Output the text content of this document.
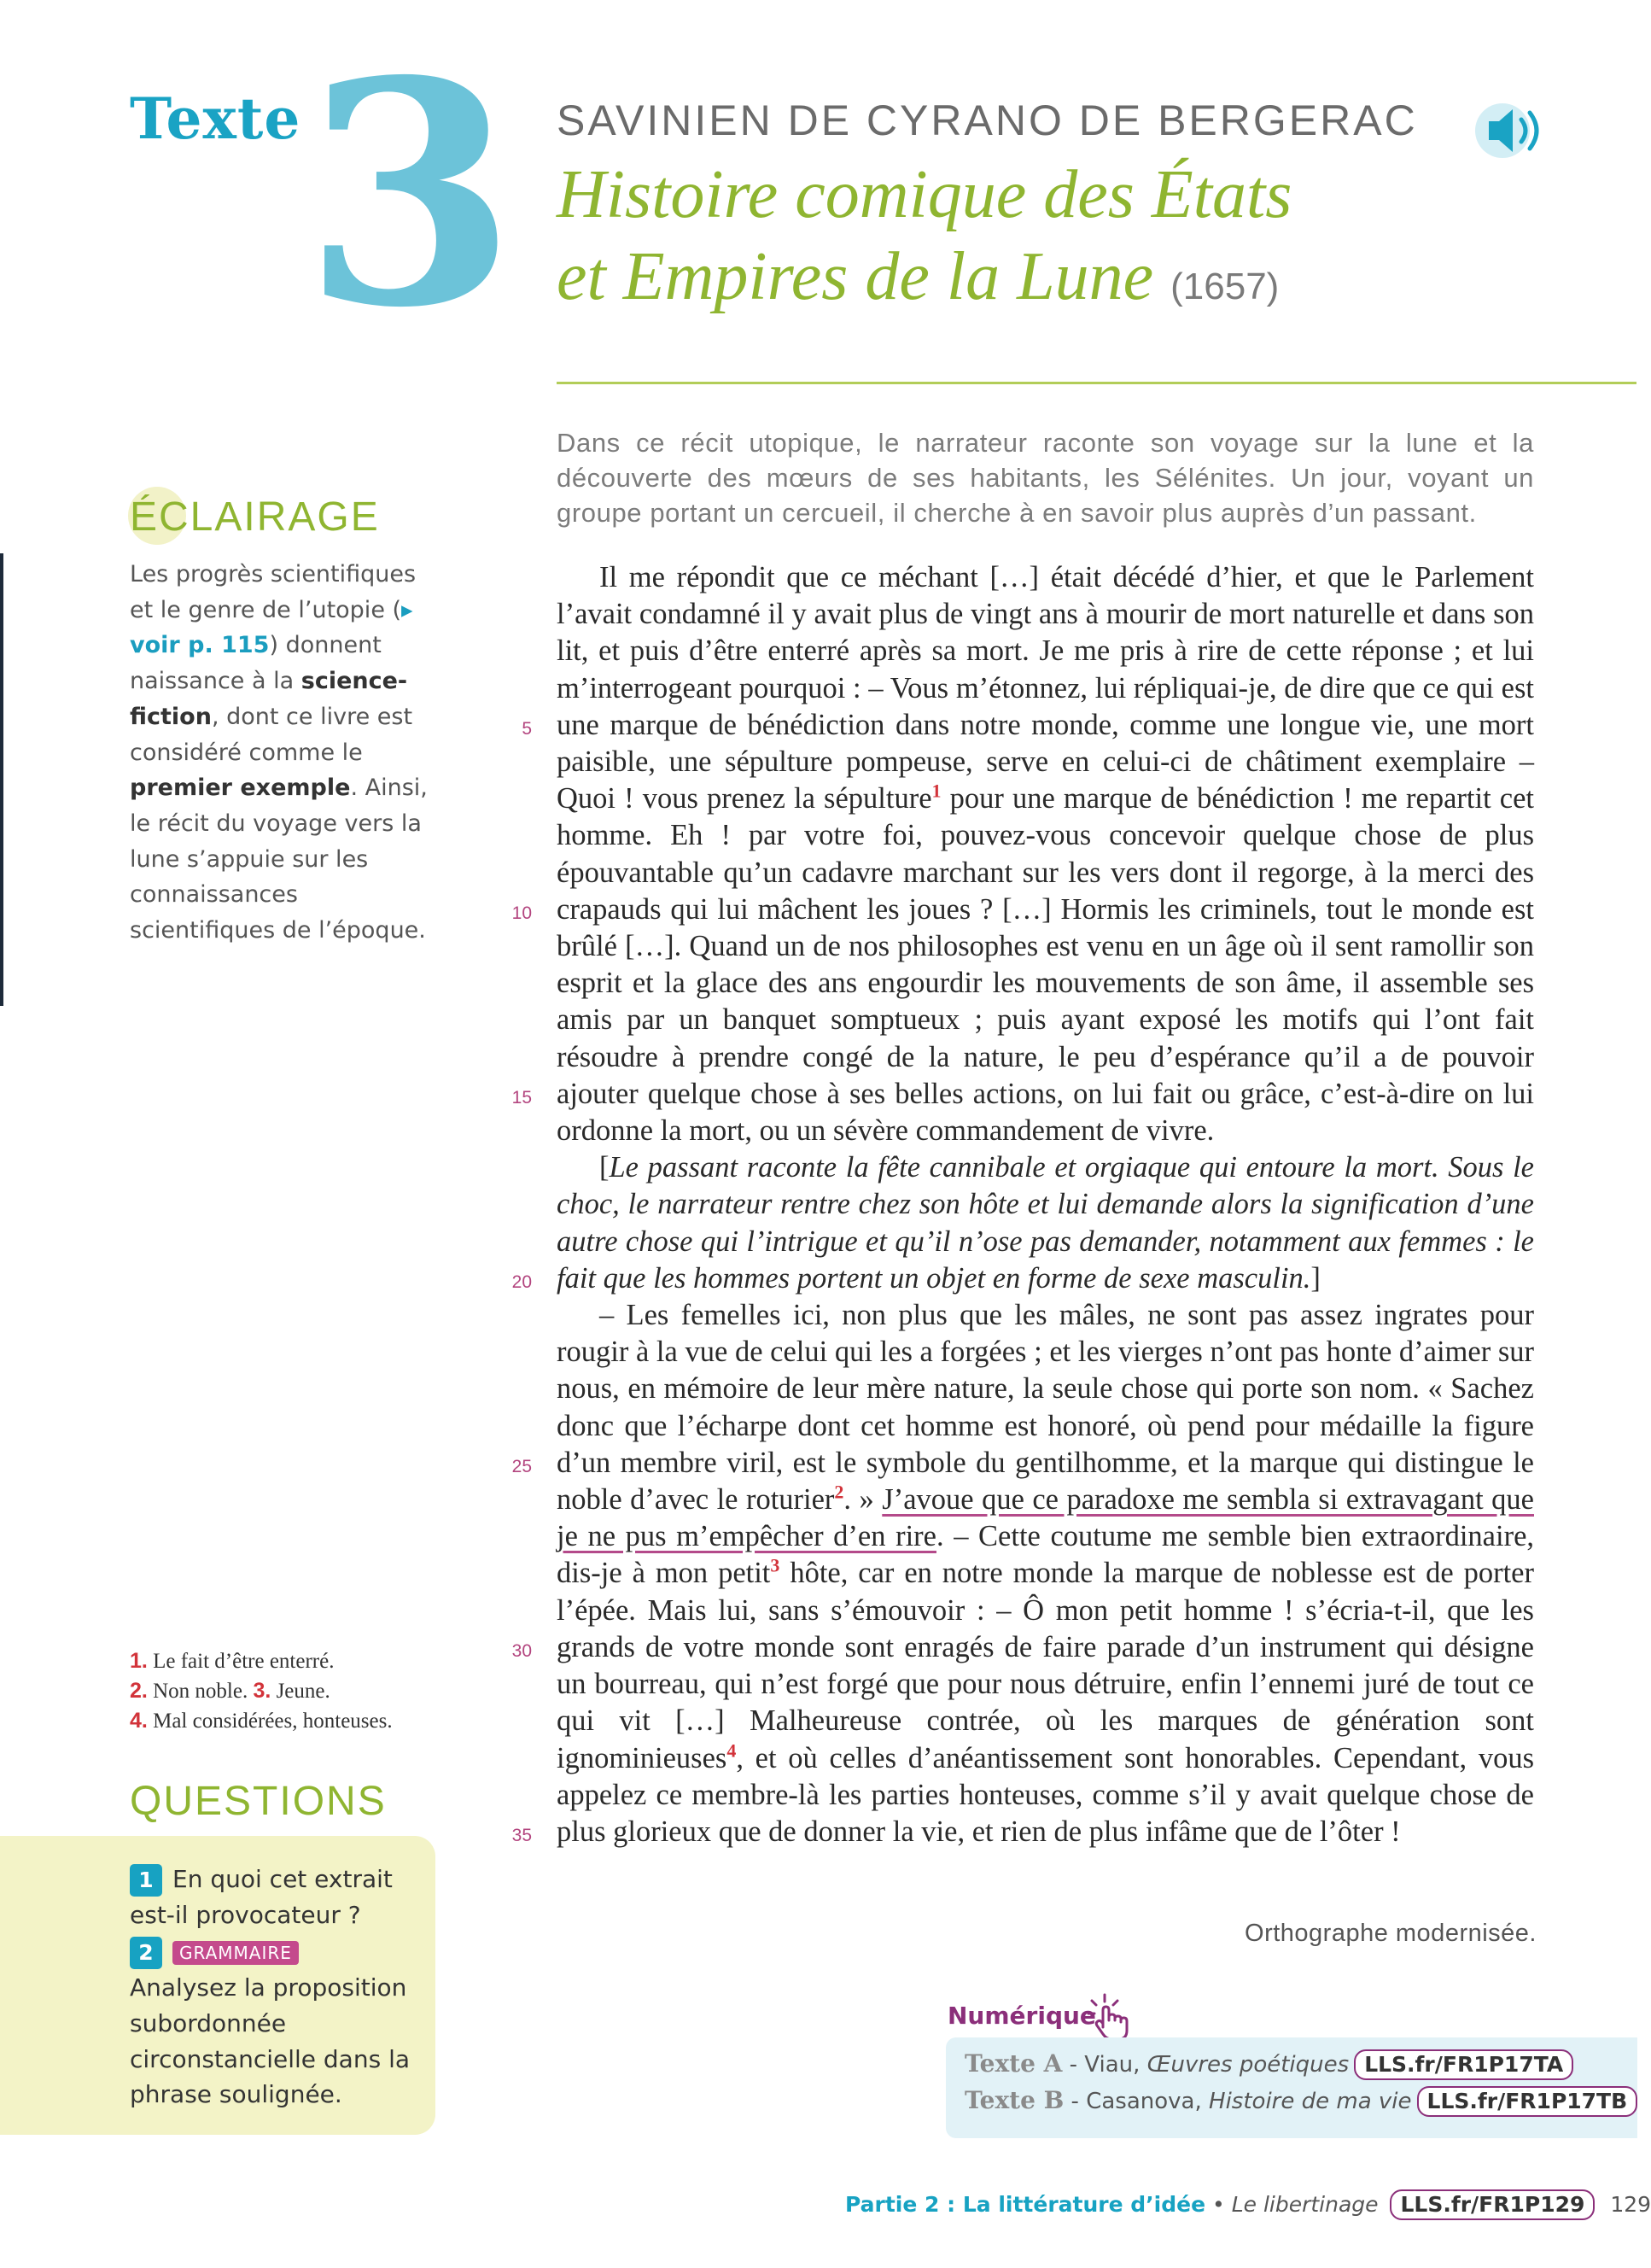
Texte 3 SAVINIEN DE CYRANO DE BERGERAC
Histoire comique des États
et Empires de la Lune (1657)
Dans ce récit utopique, le narrateur raconte son voyage sur la lune et la découverte des mœurs de ses habitants, les Sélénites. Un jour, voyant un groupe portant un cercueil, il cherche à en savoir plus auprès d’un passant.

Il me répondit que ce méchant […] était décédé d’hier, et que le Parlement l’avait condamné il y avait plus de vingt ans à mourir de mort naturelle et dans son lit, et puis d’être enterré après sa mort. Je me pris à rire de cette réponse ; et lui m’interrogeant pourquoi : – Vous m’étonnez, lui répliquai-je, de dire que ce qui est une marque de bénédiction dans notre monde, comme une longue vie, une mort paisible, une sépulture pompeuse, serve en celui-ci de châtiment exemplaire – Quoi ! vous prenez la sépulture$^1$ pour une marque de bénédiction ! me repartit cet homme. Eh ! par votre foi, pouvez-vous concevoir quelque chose de plus épouvantable qu’un cadavre marchant sur les vers dont il regorge, à la merci des crapauds qui lui mâchent les joues ? […] Hormis les criminels, tout le monde est brûlé […]. Quand un de nos philosophes est venu en un âge où il sent ramollir son esprit et la glace des ans engourdir les mouvements de son âme, il assemble ses amis par un banquet somptueux ; puis ayant exposé les motifs qui l’ont fait résoudre à prendre congé de la nature, le peu d’espérance qu’il a de pouvoir ajouter quelque chose à ses belles actions, on lui fait ou grâce, c’est-à-dire on lui ordonne la mort, ou un sévère commandement de vivre.

[Le passant raconte la fête cannibale et orgiaque qui entoure la mort. Sous le choc, le narrateur rentre chez son hôte et lui demande alors la signification d’une autre chose qui l’intrigue et qu’il n’ose pas demander, notamment aux femmes : le fait que les hommes portent un objet en forme de sexe masculin.]

– Les femelles ici, non plus que les mâles, ne sont pas assez ingrates pour rougir à la vue de celui qui les a forgées ; et les vierges n’ont pas honte d’aimer sur nous, en mémoire de leur mère nature, la seule chose qui porte son nom. « Sachez donc que l’écharpe dont cet homme est honoré, où pend pour médaille la figure d’un membre viril, est le symbole du gentilhomme, et la marque qui distingue le noble d’avec le roturier$^2$. » J’avoue que ce paradoxe me sembla si extravagant que je ne pus m’empêcher d’en rire. – Cette coutume me semble bien extraordinaire, dis-je à mon petit$^3$ hôte, car en notre monde la marque de noblesse est de porter l’épée. Mais lui, sans s’émouvoir : – Ô mon petit homme ! s’écria-t-il, que les grands de votre monde sont enragés de faire parade d’un instrument qui désigne un bourreau, qui n’est forgé que pour nous détruire, enfin l’ennemi juré de tout ce qui vit […] Malheureuse contrée, où les marques de génération sont ignominieuses$^4$, et où celles d’anéantissement sont honorables. Cependant, vous appelez ce membre-là les parties honteuses, comme s’il y avait quelque chose de plus glorieux que de donner la vie, et rien de plus infâme que de l’ôter !

5
10
15
20
25
30
35
Orthographe modernisée.
ÉCLAIRAGE
Les progrès scientifiques et le genre de l’utopie (▸ voir p. 115) donnent naissance à la science-fiction, dont ce livre est considéré comme le premier exemple. Ainsi, le récit du voyage vers la lune s’appuie sur les connaissances scientifiques de l’époque.
1. Le fait d’être enterré.
2. Non noble. 3. Jeune.
4. Mal considérées, honteuses.
QUESTIONS
1 En quoi cet extrait est-il provocateur ?
2 GRAMMAIRE
Analysez la proposition subordonnée circonstancielle dans la phrase soulignée.
Numérique
Texte A - Viau, Œuvres poétiques LLS.fr/FR1P17TA
Texte B - Casanova, Histoire de ma vie LLS.fr/FR1P17TB
Partie 2 : La littérature d’idée • Le libertinage LLS.fr/FR1P129 129
